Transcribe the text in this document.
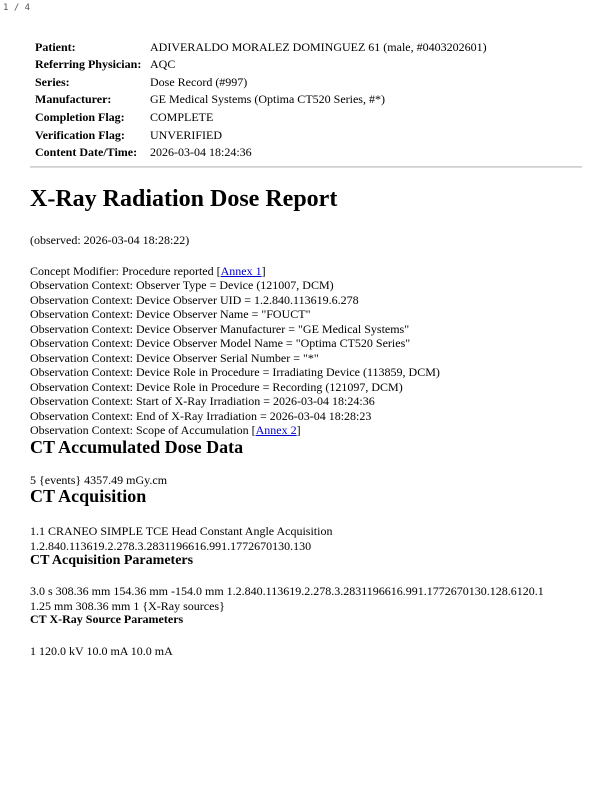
1 / 4
Patient:	ADIVERALDO MORALEZ DOMINGUEZ 61 (male, #0403202601)
Referring Physician:	AQC
Series:	Dose Record (#997)
Manufacturer:	GE Medical Systems (Optima CT520 Series, #*)
Completion Flag:	COMPLETE
Verification Flag:	UNVERIFIED
Content Date/Time:	2026-03-04 18:24:36
X-Ray Radiation Dose Report

(observed: 2026-03-04 18:28:22)

Concept Modifier: Procedure reported [Annex 1]
Observation Context: Observer Type = Device (121007, DCM)
Observation Context: Device Observer UID = 1.2.840.113619.6.278
Observation Context: Device Observer Name = "FOUCT"
Observation Context: Device Observer Manufacturer = "GE Medical Systems"
Observation Context: Device Observer Model Name = "Optima CT520 Series"
Observation Context: Device Observer Serial Number = "*"
Observation Context: Device Role in Procedure = Irradiating Device (113859, DCM)
Observation Context: Device Role in Procedure = Recording (121097, DCM)
Observation Context: Start of X-Ray Irradiation = 2026-03-04 18:24:36
Observation Context: End of X-Ray Irradiation = 2026-03-04 18:28:23
Observation Context: Scope of Accumulation [Annex 2]
CT Accumulated Dose Data
5 {events} 4357.49 mGy.cm
CT Acquisition
1.1 CRANEO SIMPLE TCE Head Constant Angle Acquisition
1.2.840.113619.2.278.3.2831196616.991.1772670130.130
CT Acquisition Parameters
3.0 s 308.36 mm 154.36 mm -154.0 mm 1.2.840.113619.2.278.3.2831196616.991.1772670130.128.6120.1
1.25 mm 308.36 mm 1 {X-Ray sources}
CT X-Ray Source Parameters
1 120.0 kV 10.0 mA 10.0 mA
